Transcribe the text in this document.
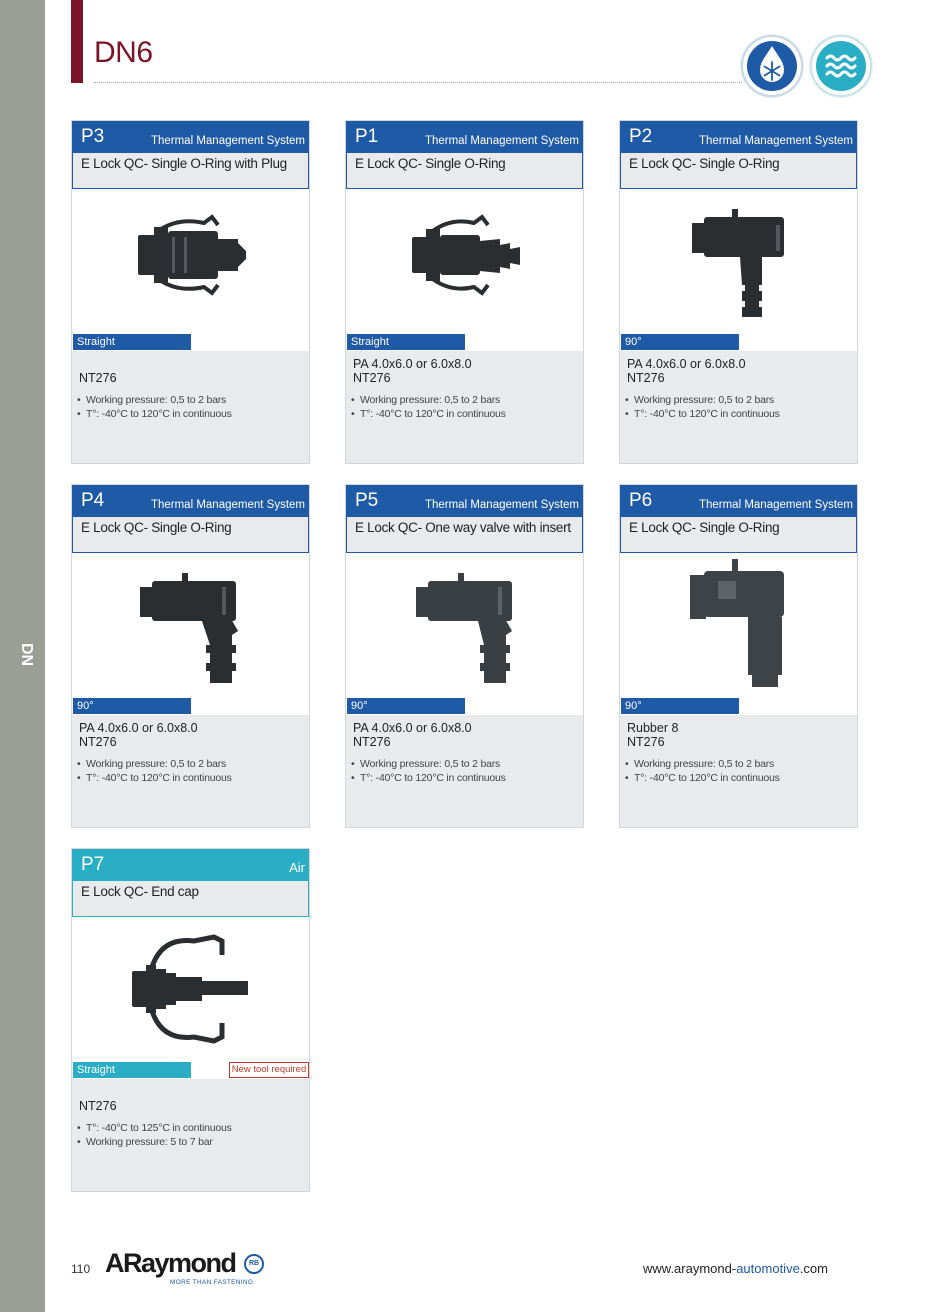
DN
DN6
P3	Thermal Management System
E Lock QC- Single O-Ring with Plug
Straight
NT276
• Working pressure: 0,5 to 2 bars
• T°: -40°C to 120°C in continuous
P1	Thermal Management System
E Lock QC- Single O-Ring
Straight
PA 4.0x6.0 or 6.0x8.0
NT276
• Working pressure: 0,5 to 2 bars
• T°: -40°C to 120°C in continuous
P2	Thermal Management System
E Lock QC- Single O-Ring
90°
PA 4.0x6.0 or 6.0x8.0
NT276
• Working pressure: 0,5 to 2 bars
• T°: -40°C to 120°C in continuous
P4	Thermal Management System
E Lock QC- Single O-Ring
90°
PA 4.0x6.0 or 6.0x8.0
NT276
• Working pressure: 0,5 to 2 bars
• T°: -40°C to 120°C in continuous
P5	Thermal Management System
E Lock QC- One way valve with insert
90°
PA 4.0x6.0 or 6.0x8.0
NT276
• Working pressure: 0,5 to 2 bars
• T°: -40°C to 120°C in continuous
P6	Thermal Management System
E Lock QC- Single O-Ring
90°
Rubber 8
NT276
• Working pressure: 0,5 to 2 bars
• T°: -40°C to 120°C in continuous
P7	Air
E Lock QC- End cap
Straight	New tool required
NT276
• T°: -40°C to 125°C in continuous
• Working pressure: 5 to 7 bar
110 ARaymond	RB
MORE THAN FASTENING
www.araymond-automotive.com
